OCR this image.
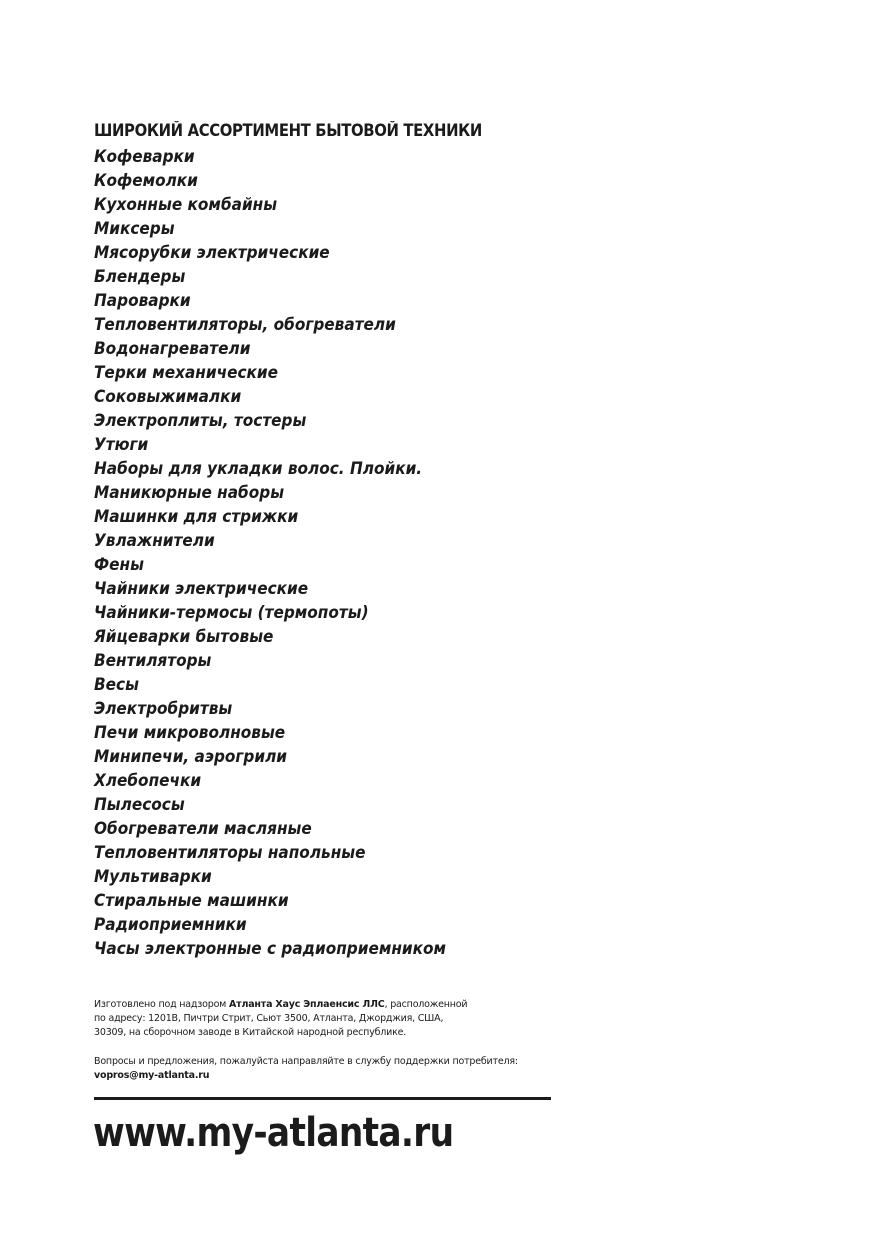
ШИРОКИЙ АССОРТИМЕНТ БЫТОВОЙ ТЕХНИКИ
Кофеварки
Кофемолки
Кухонные комбайны
Миксеры
Мясорубки электрические
Блендеры
Пароварки
Тепловентиляторы, обогреватели
Водонагреватели
Терки механические
Соковыжималки
Электроплиты, тостеры
Утюги
Наборы для укладки волос. Плойки.
Маникюрные наборы
Машинки для стрижки
Увлажнители
Фены
Чайники электрические
Чайники-термосы (термопоты)
Яйцеварки бытовые
Вентиляторы
Весы
Электробритвы
Печи микроволновые
Минипечи, аэрогрили
Хлебопечки
Пылесосы
Обогреватели масляные
Тепловентиляторы напольные
Мультиварки
Стиральные машинки
Радиоприемники
Часы электронные с радиоприемником

Изготовлено под надзором Атланта Хаус Эплаенсис ЛЛС, расположенной
по адресу: 1201В, Пичтри Стрит, Сьют 3500, Атланта, Джорджия, США,
30309, на сборочном заводе в Китайской народной республике.

Вопросы и предложения, пожалуйста направляйте в службу поддержки потребителя:
vopros@my-atlanta.ru

www.my-atlanta.ru
